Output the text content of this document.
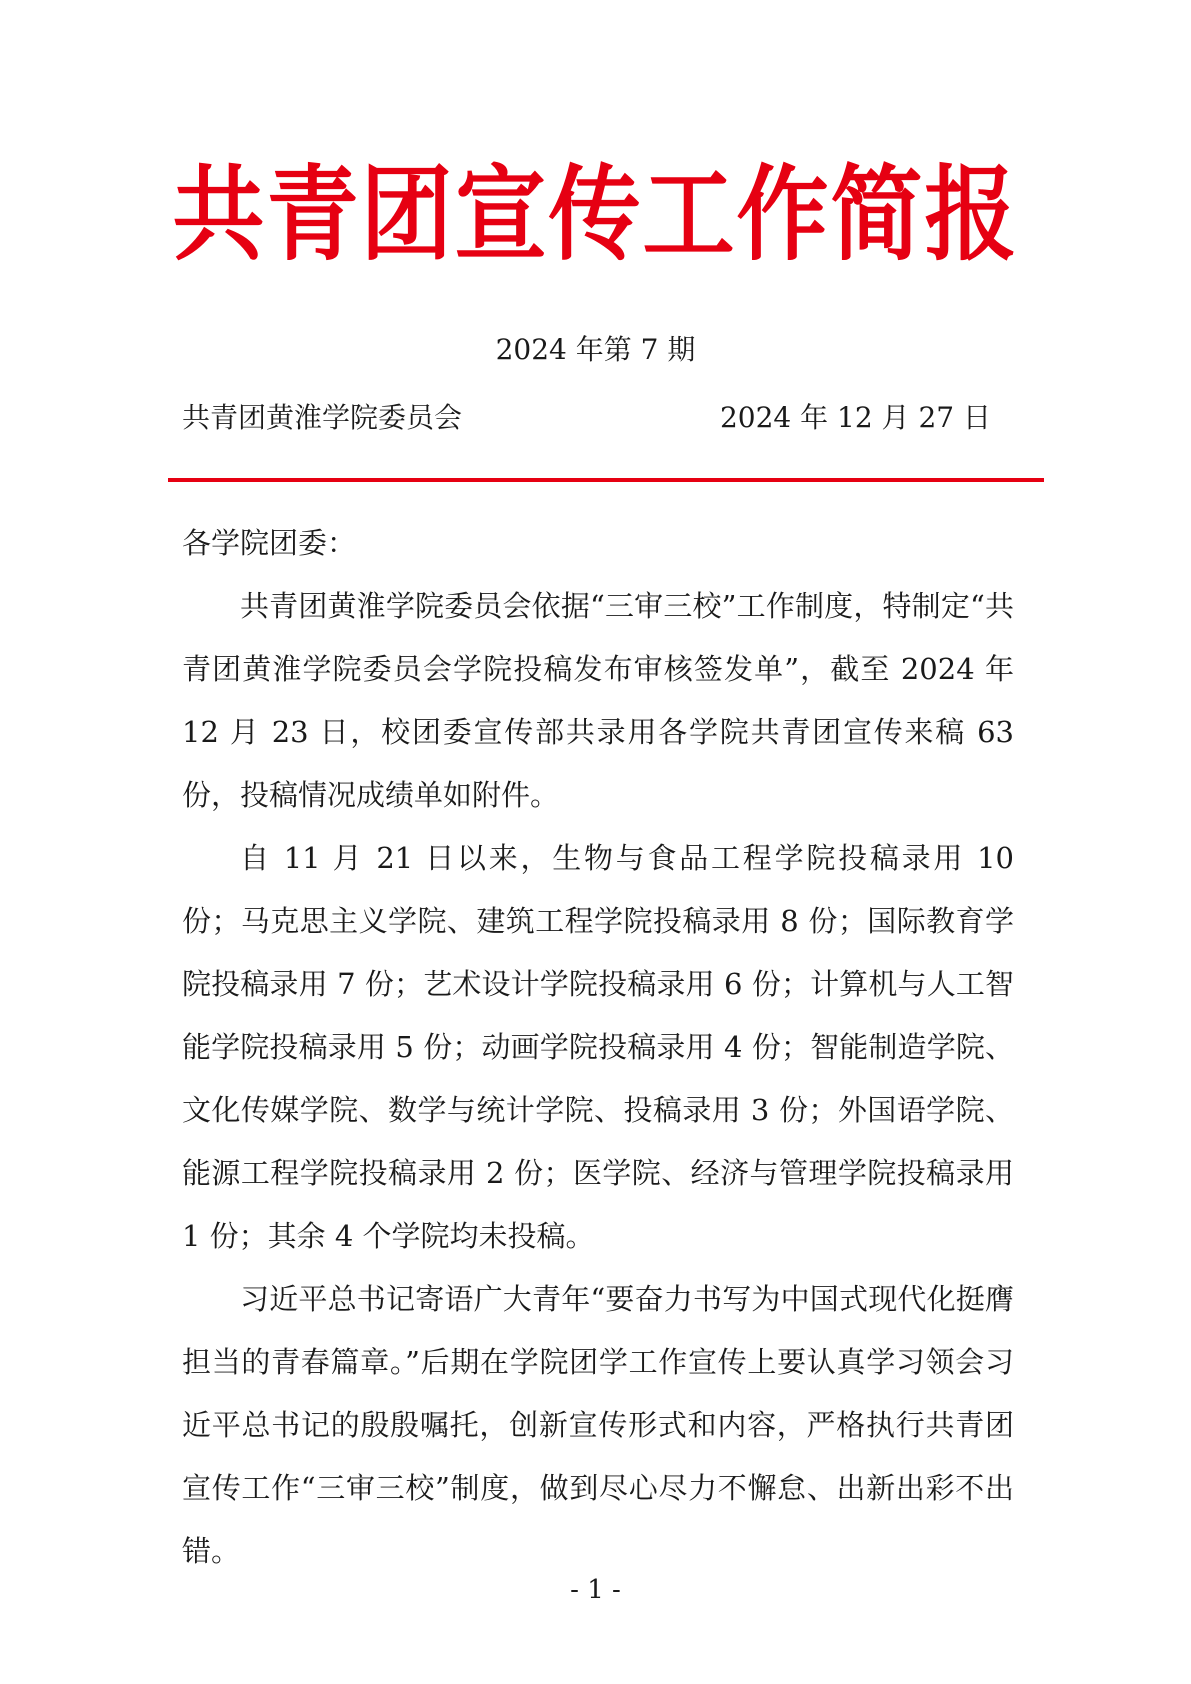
共青团宣传工作简报
2024 年第 7 期
共青团黄淮学院委员会	2024 年 12 月 27 日

各学院团委：

共青团黄淮学院委员会依据“三审三校”工作制度，特制定“共青团黄淮学院委员会学院投稿发布审核签发单”，截至 2024 年 12 月 23 日，校团委宣传部共录用各学院共青团宣传来稿 63 份，投稿情况成绩单如附件。

自 11 月 21 日以来，生物与食品工程学院投稿录用 10 份；马克思主义学院、建筑工程学院投稿录用 8 份；国际教育学院投稿录用 7 份；艺术设计学院投稿录用 6 份；计算机与人工智能学院投稿录用 5 份；动画学院投稿录用 4 份；智能制造学院、文化传媒学院、数学与统计学院、投稿录用 3 份；外国语学院、能源工程学院投稿录用 2 份；医学院、经济与管理学院投稿录用 1 份；其余 4 个学院均未投稿。

习近平总书记寄语广大青年“要奋力书写为中国式现代化挺膺担当的青春篇章。”后期在学院团学工作宣传上要认真学习领会习近平总书记的殷殷嘱托，创新宣传形式和内容，严格执行共青团宣传工作“三审三校”制度，做到尽心尽力不懈怠、出新出彩不出错。

- 1 -
